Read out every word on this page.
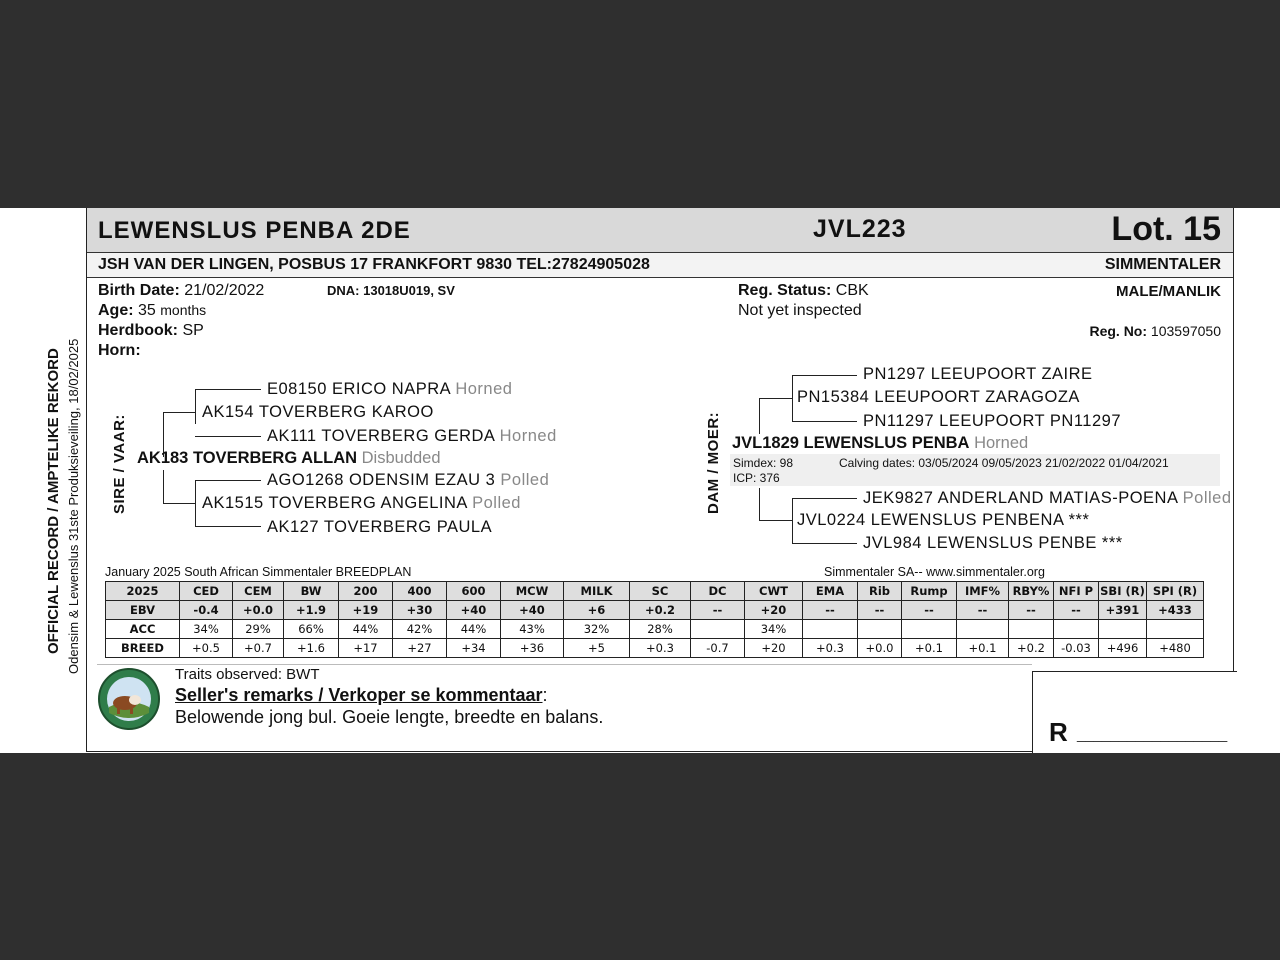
OFFICIAL RECORD / AMPTELIKE REKORD Odensim & Lewenslus 31ste Produksieveiling, 18/02/2025
LEWENSLUS PENBA 2DE	JVL223	Lot. 15
JSH VAN DER LINGEN, POSBUS 17 FRANKFORT 9830 TEL:27824905028	SIMMENTALER
Birth Date: 21/02/2022
Age: 35 months
Herdbook: SP
Horn:
DNA: 13018U019, SV	Reg. Status: CBK
Not yet inspected
MALE/MANLIK
Reg. No: 103597050
SIRE / VAAR:
E08150 ERICO NAPRA Horned
AK154 TOVERBERG KAROO
AK111 TOVERBERG GERDA Horned
AK183 TOVERBERG ALLAN Disbudded
AGO1268 ODENSIM EZAU 3 Polled
AK1515 TOVERBERG ANGELINA Polled
AK127 TOVERBERG PAULA
DAM / MOER:
PN1297 LEEUPOORT ZAIRE
PN15384 LEEUPOORT ZARAGOZA
PN11297 LEEUPOORT PN11297
JVL1829 LEWENSLUS PENBA Horned
Simdex: 98
ICP: 376
Calving dates: 03/05/2024 09/05/2023 21/02/2022 01/04/2021
JEK9827 ANDERLAND MATIAS-POENA Polled
JVL0224 LEWENSLUS PENBENA ***
JVL984 LEWENSLUS PENBE ***
January 2025 South African Simmentaler BREEDPLAN	Simmentaler SA-- www.simmentaler.org
2025	CED	CEM	BW	200	400	600	MCW	MILK	SC	DC	CWT	EMA	Rib	Rump	IMF%	RBY%	NFI P	SBI (R)	SPI (R)
EBV	-0.4	+0.0	+1.9	+19	+30	+40	+40	+6	+0.2	--	+20	--	--	--	--	--	--	+391	+433
ACC	34%	29%	66%	44%	42%	44%	43%	32%	28%		34%								
BREED	+0.5	+0.7	+1.6	+17	+27	+34	+36	+5	+0.3	-0.7	+20	+0.3	+0.0	+0.1	+0.1	+0.2	-0.03	+496	+480
Traits observed: BWT
Seller's remarks / Verkoper se kommentaar:
Belowende jong bul. Goeie lengte, breedte en balans.	R __________________
